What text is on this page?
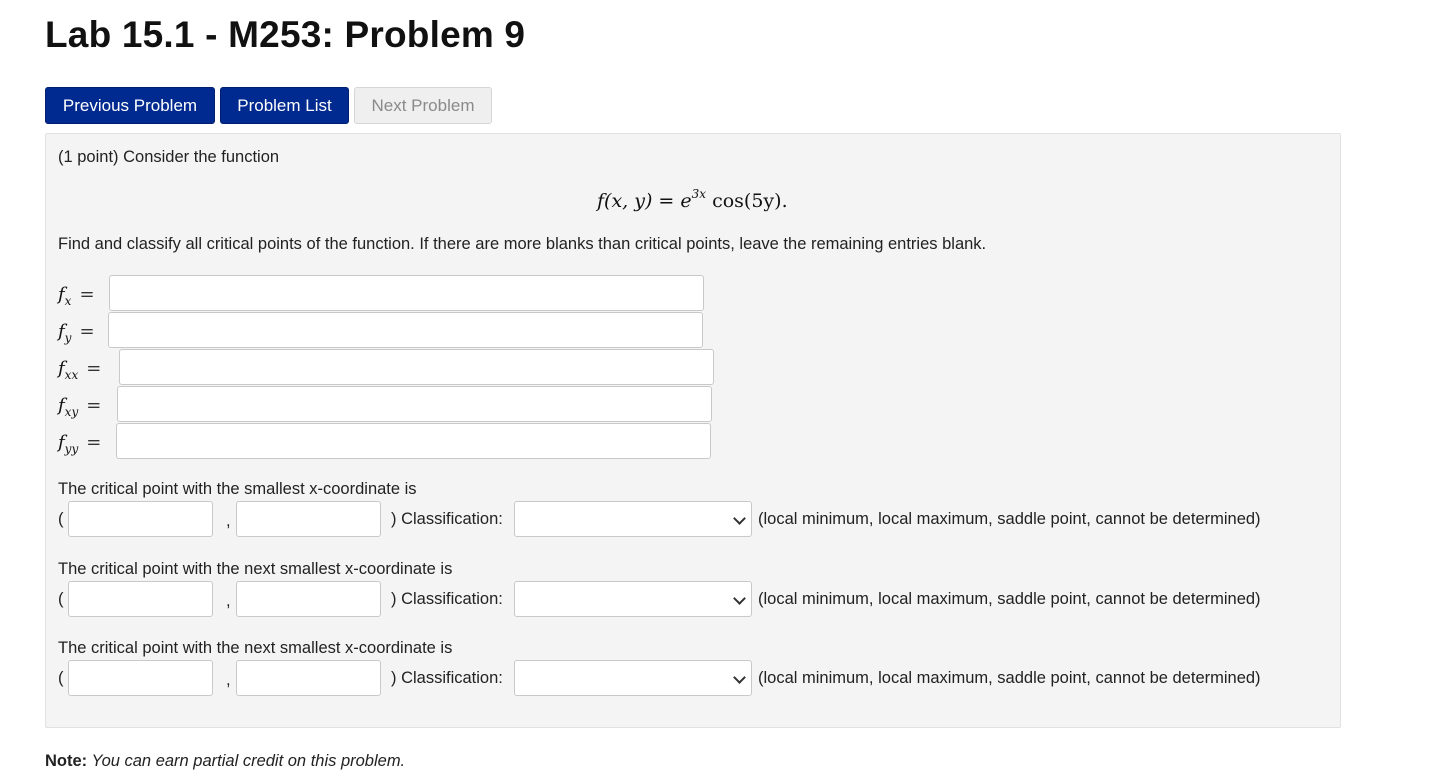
Lab 15.1 - M253: Problem 9
Previous Problem	Problem List	Next Problem
(1 point) Consider the function
f(x, $y) = e^{3x}$ cos(5y).
Find and classify all critical points of the function. If there are more blanks than critical points, leave the remaining entries blank.
$f_x$ =
$f_y$ =
$f_{xx}$ =
$f_{xy}$ =
$f_{yy}$ =
The critical point with the smallest x-coordinate is
(	,	) Classification:	(local minimum, local maximum, saddle point, cannot be determined)
The critical point with the next smallest x-coordinate is
(	,	) Classification:	(local minimum, local maximum, saddle point, cannot be determined)
The critical point with the next smallest x-coordinate is
(	,	) Classification:	(local minimum, local maximum, saddle point, cannot be determined)
Note: You can earn partial credit on this problem.
